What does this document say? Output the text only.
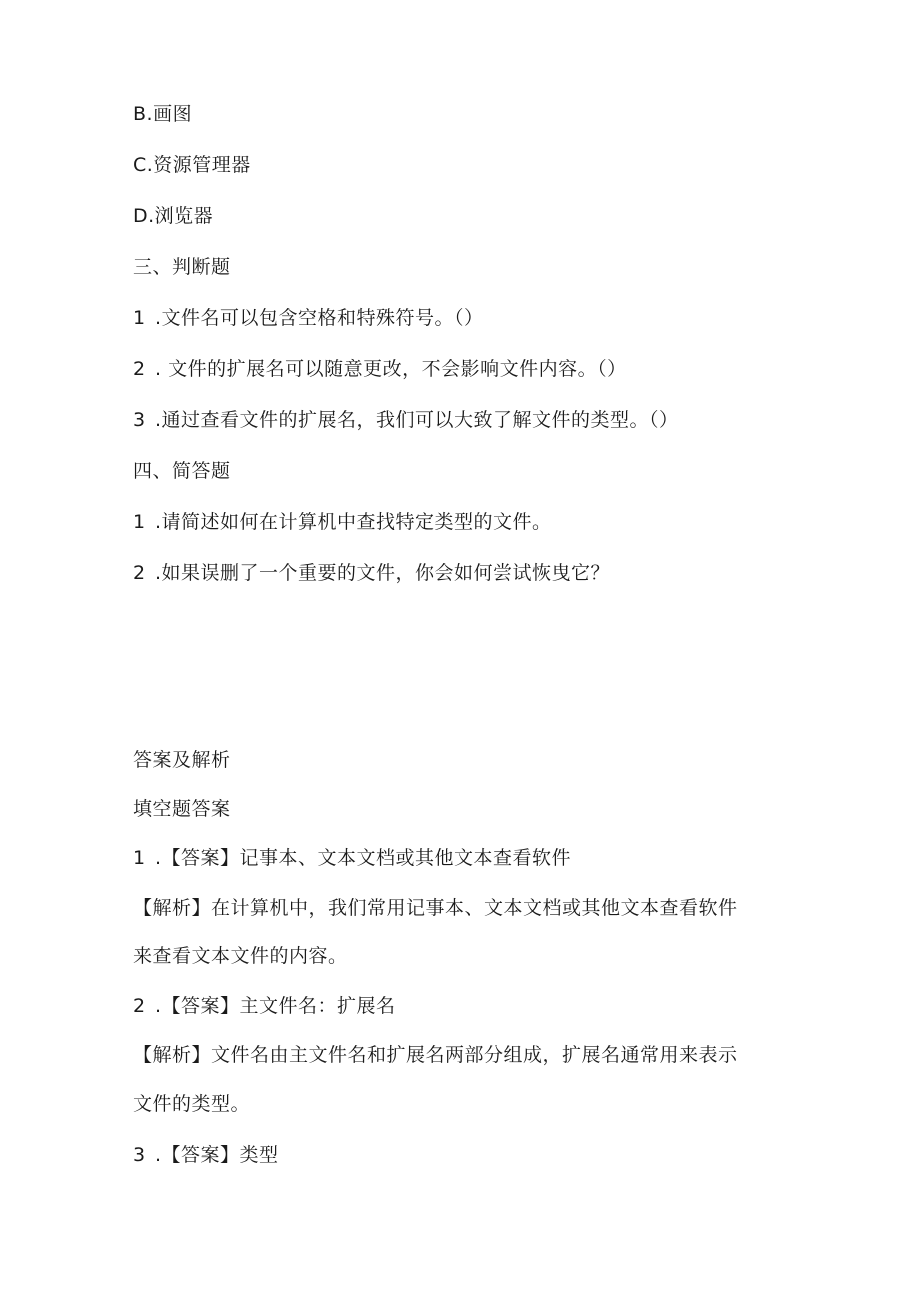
B.画图
C.资源管理器
D.浏览器
三、判断题
1 .文件名可以包含空格和特殊符号。（）
2 . 文件的扩展名可以随意更改，不会影响文件内容。（）
3 .通过查看文件的扩展名，我们可以大致了解文件的类型。（）
四、简答题
1 .请简述如何在计算机中查找特定类型的文件。
2 .如果误删了一个重要的文件，你会如何尝试恢曳它？
答案及解析
填空题答案
1 .【答案】记事本、文本文档或其他文本查看软件
【解析】在计算机中，我们常用记事本、文本文档或其他文本查看软件
来查看文本文件的内容。
2 .【答案】主文件名：扩展名
【解析】文件名由主文件名和扩展名两部分组成，扩展名通常用来表示
文件的类型。
3 .【答案】类型
